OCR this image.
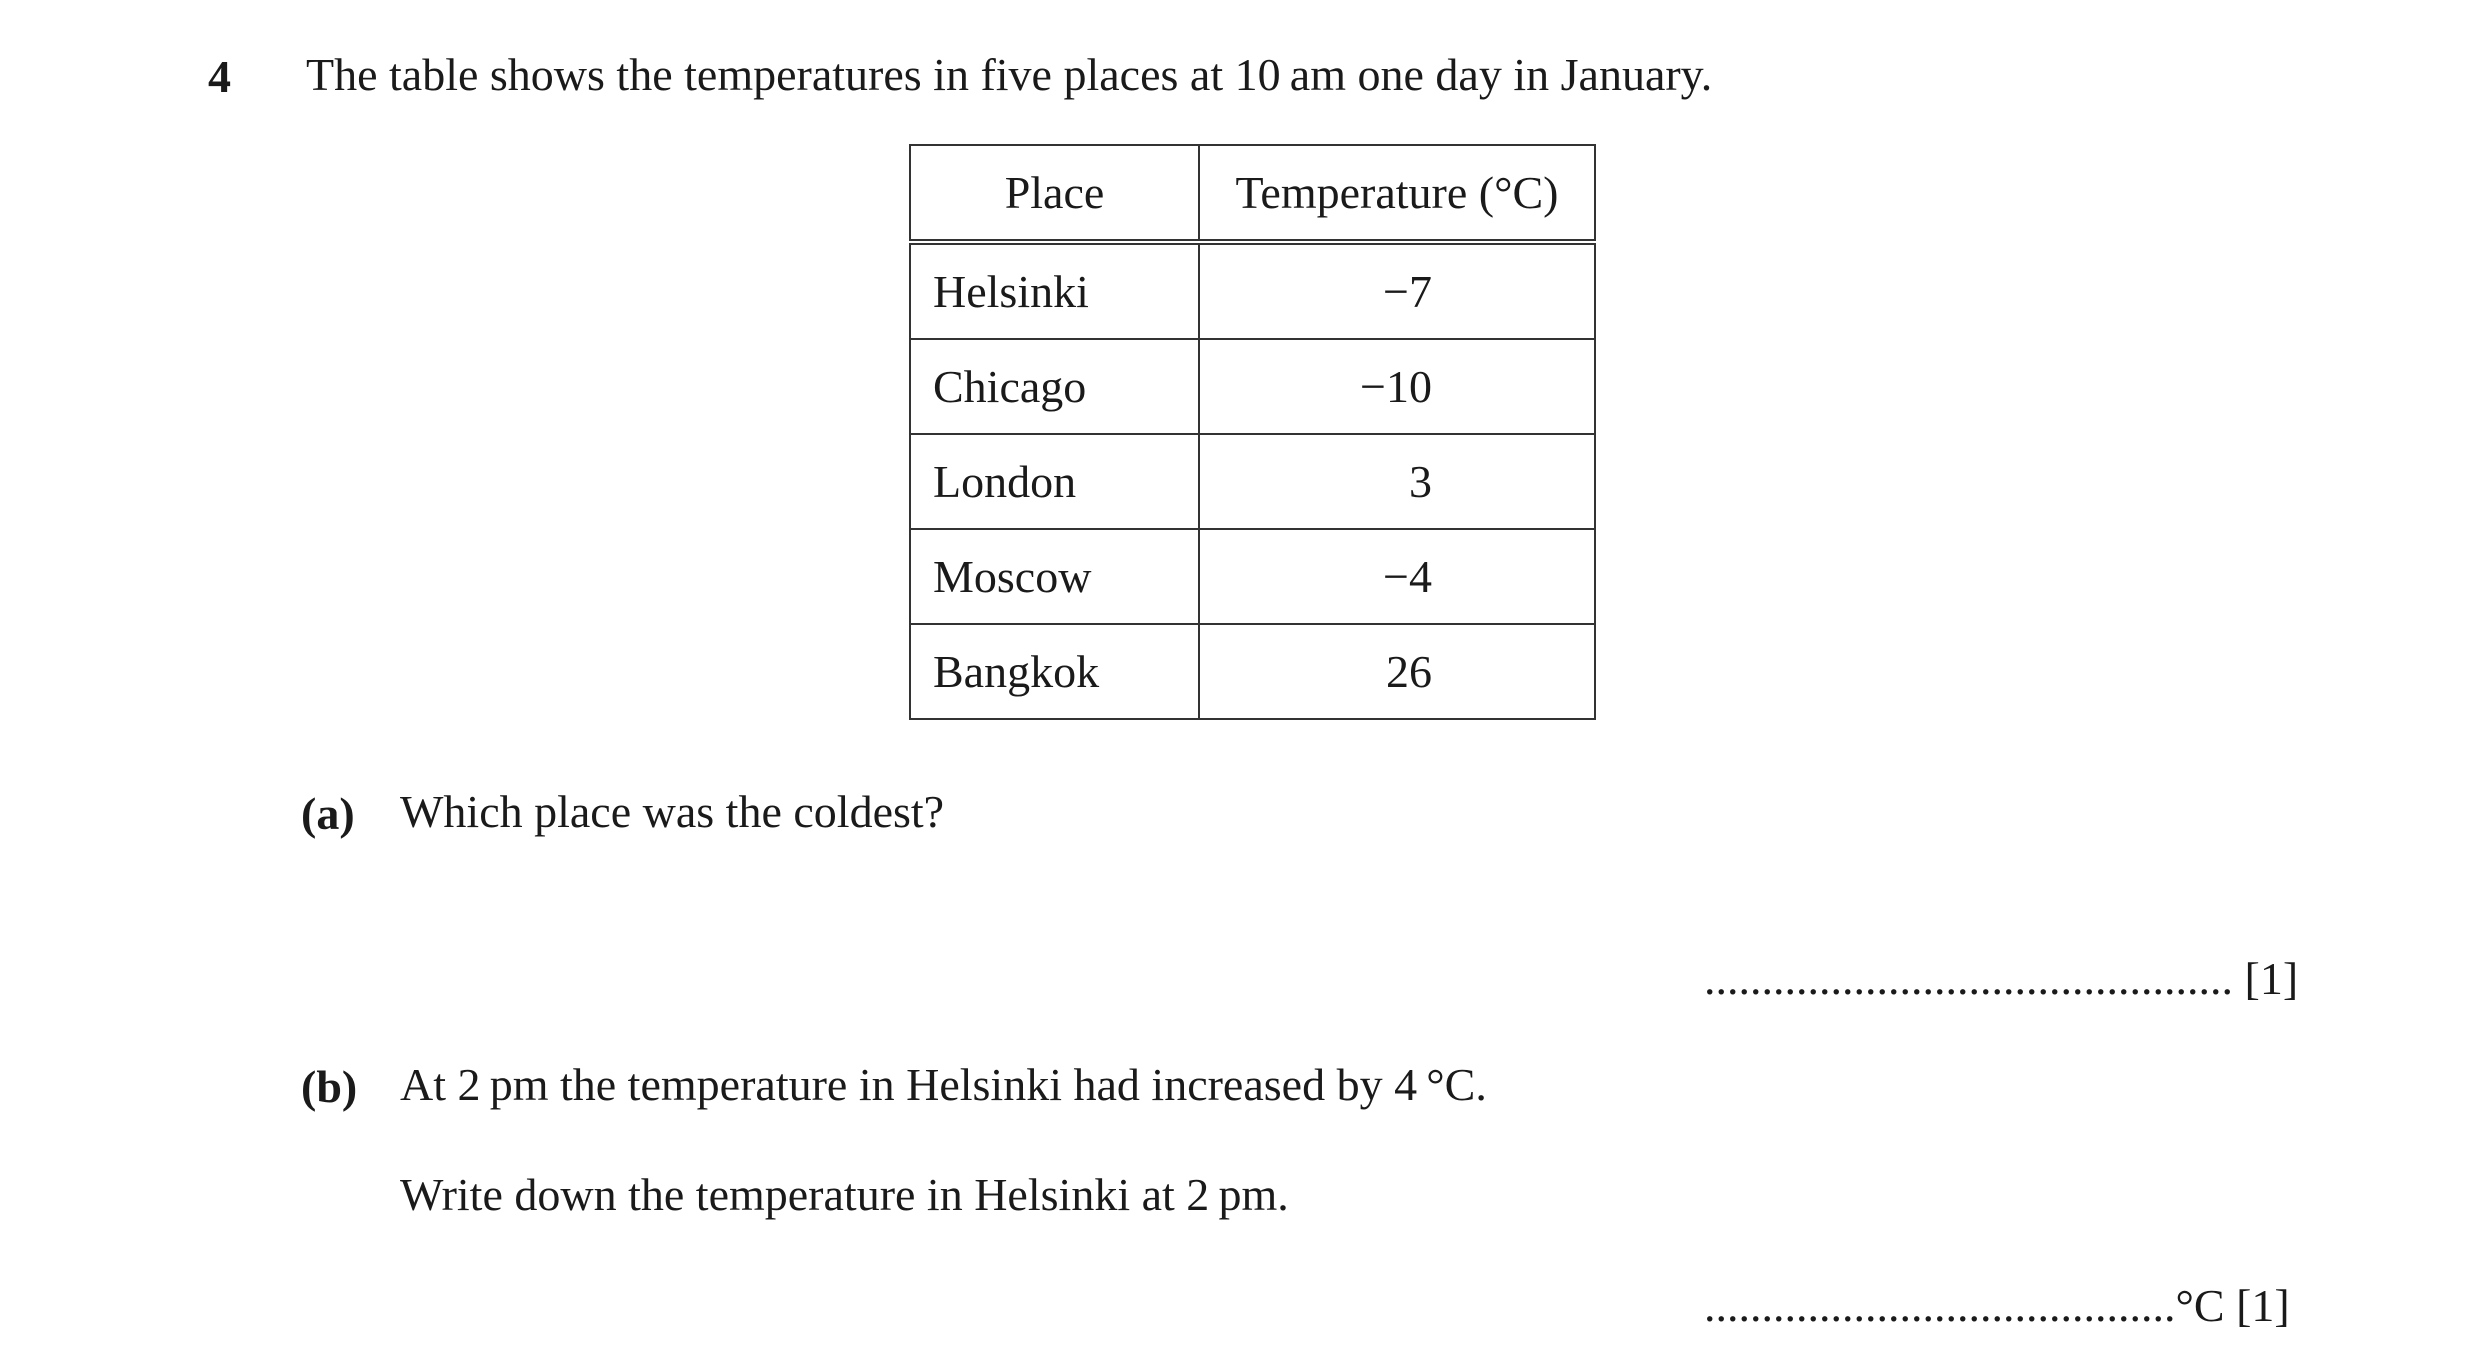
4 The table shows the temperatures in five places at 10 am one day in January.
Place	Temperature (°C)
Helsinki	−7
Chicago	−10
London	3
Moscow	−4
Bangkok	26
(a) Which place was the coldest?
.............................................. [1]
(b) At 2 pm the temperature in Helsinki had increased by 4 °C.
Write down the temperature in Helsinki at 2 pm.
.........................................°C [1]
